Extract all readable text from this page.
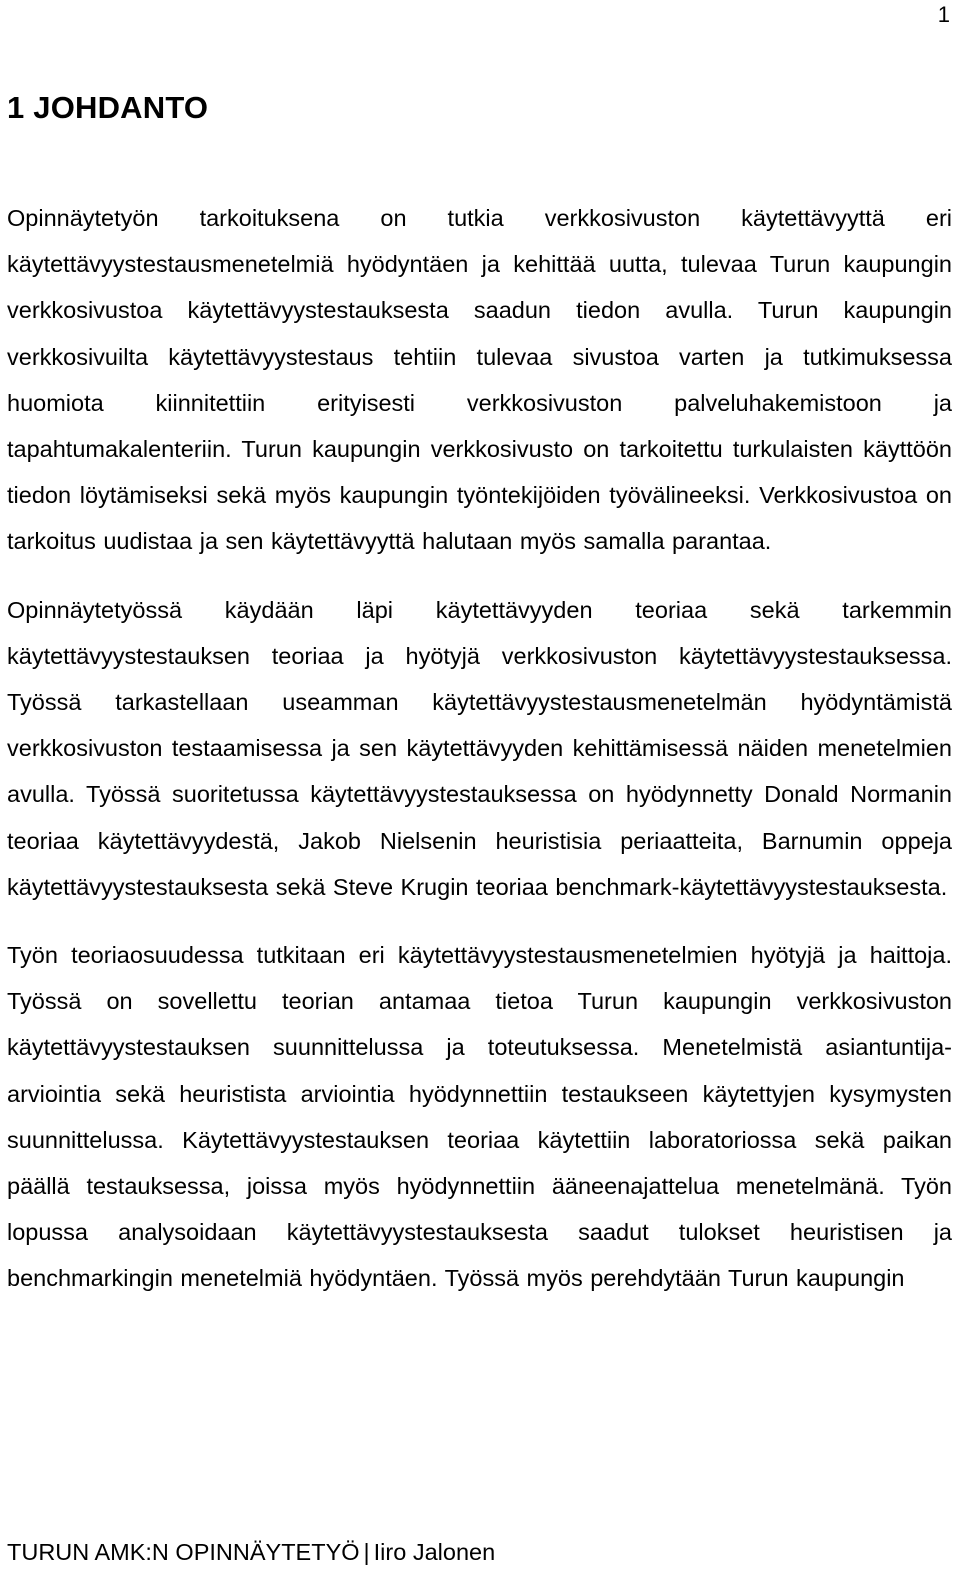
1
1 JOHDANTO

Opinnäytetyön tarkoituksena on tutkia verkkosivuston käytettävyyttä eri käytettävyystestausmenetelmiä hyödyntäen ja kehittää uutta, tulevaa Turun kaupungin verkkosivustoa käytettävyystestauksesta saadun tiedon avulla. Turun kaupungin verkkosivuilta käytettävyystestaus tehtiin tulevaa sivustoa varten ja tutkimuksessa huomiota kiinnitettiin erityisesti verkkosivuston palveluhakemistoon ja tapahtumakalenteriin. Turun kaupungin verkkosivusto on tarkoitettu turkulaisten käyttöön tiedon löytämiseksi sekä myös kaupungin työntekijöiden työvälineeksi. Verkkosivustoa on tarkoitus uudistaa ja sen käytettävyyttä halutaan myös samalla parantaa.

Opinnäytetyössä käydään läpi käytettävyyden teoriaa sekä tarkemmin käytettävyystestauksen teoriaa ja hyötyjä verkkosivuston käytettävyystestauksessa. Työssä tarkastellaan useamman käytettävyystestausmenetelmän hyödyntämistä verkkosivuston testaamisessa ja sen käytettävyyden kehittämisessä näiden menetelmien avulla. Työssä suoritetussa käytettävyystestauksessa on hyödynnetty Donald Normanin teoriaa käytettävyydestä, Jakob Nielsenin heuristisia periaatteita, Barnumin oppeja käytettävyystestauksesta sekä Steve Krugin teoriaa benchmark-käytettävyystestauksesta.

Työn teoriaosuudessa tutkitaan eri käytettävyystestausmenetelmien hyötyjä ja haittoja. Työssä on sovellettu teorian antamaa tietoa Turun kaupungin verkkosivuston käytettävyystestauksen suunnittelussa ja toteutuksessa. Menetelmistä asiantuntija-arviointia sekä heuristista arviointia hyödynnettiin testaukseen käytettyjen kysymysten suunnittelussa. Käytettävyystestauksen teoriaa käytettiin laboratoriossa sekä paikan päällä testauksessa, joissa myös hyödynnettiin ääneenajattelua menetelmänä. Työn lopussa analysoidaan käytettävyystestauksesta saadut tulokset heuristisen ja benchmarkingin menetelmiä hyödyntäen. Työssä myös perehdytään Turun kaupungin

TURUN AMK:N OPINNÄYTETYÖ | Iiro Jalonen
